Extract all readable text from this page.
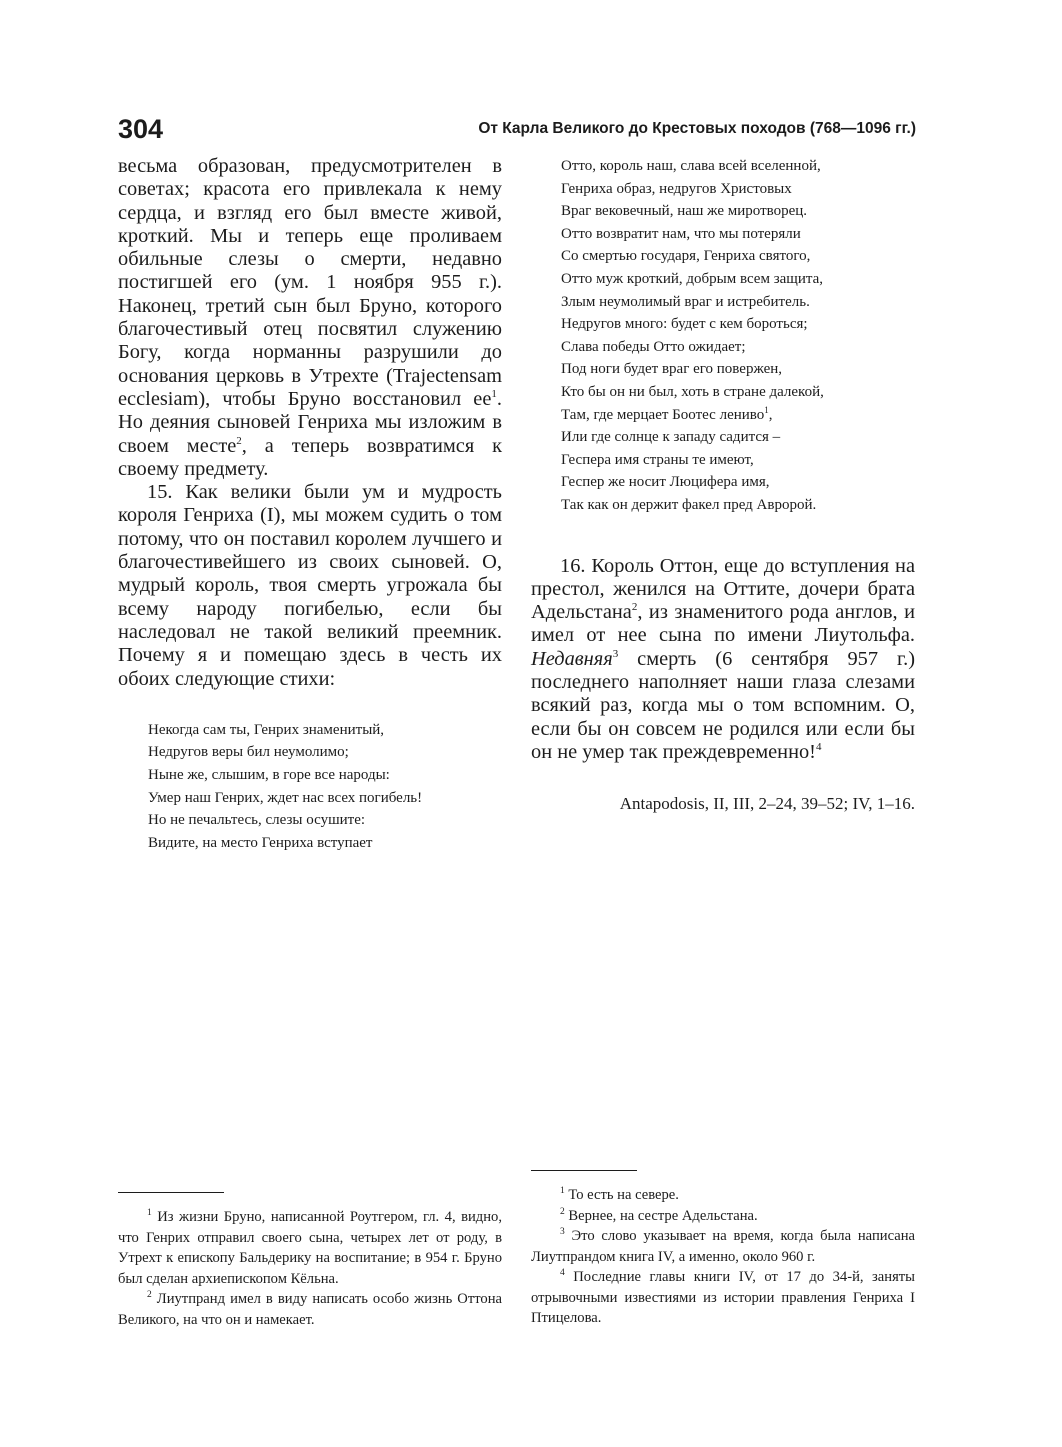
304	От Карла Великого до Крестовых походов (768—1096 гг.)

весьма образован, предусмотрителен в советах; красота его привлекала к нему сердца, и взгляд его был вместе живой, кроткий. Мы и теперь еще проливаем обильные слезы о смерти, недавно постигшей его (ум. 1 ноября 955 г.). Наконец, третий сын был Бруно, которого благочестивый отец посвятил служению Богу, когда норманны разрушили до основания церковь в Утрехте (Trajectensam ecclesiam), чтобы Бруно восстановил $ее^1$. Но деяния сыновей Генриха мы изложим в своем месте$^2$, а теперь возвратимся к своему предмету.

15. Как велики были ум и мудрость короля Генриха (I), мы можем судить о том потому, что он поставил королем лучшего и благочестивейшего из своих сыновей. О, мудрый король, твоя смерть угрожала бы всему народу погибелью, если бы наследовал не такой великий преемник. Почему я и помещаю здесь в честь их обоих следующие стихи:

Некогда сам ты, Генрих знаменитый,
Недругов веры бил неумолимо;
Ныне же, слышим, в горе все народы:
Умер наш Генрих, ждет нас всех погибель!
Но не печальтесь, слезы осушите:
Видите, на место Генриха вступает
Отто, король наш, слава всей вселенной,
Генриха образ, недругов Христовых
Враг вековечный, наш же миротворец.
Отто возвратит нам, что мы потеряли
Со смертью государя, Генриха святого,
Отто муж кроткий, добрым всем защита,
Злым неумолимый враг и истребитель.
Недругов много: будет с кем бороться;
Слава победы Отто ожидает;
Под ноги будет враг его повержен,
Кто бы он ни был, хоть в стране далекой,
Там, где мерцает Боотес лениво$^1$,
Или где солнце к западу садится –
Геспера имя страны те имеют,
Геспер же носит Люцифера имя,
Так как он держит факел пред Авророй.

16. Король Оттон, еще до вступления на престол, женился на Оттите, дочери брата Адельстана$^2$, из знаменитого рода англов, и имел от нее сына по имени Лиутольфа. Недавняя$^3$ смерть (6 сентября 957 г.) последнего наполняет наши глаза слезами всякий раз, когда мы о том вспомним. О, если бы он совсем не родился или если бы он не умер так преждевременно!$^4$

Antapodosis, II, III, 2–24, 39–52; IV, 1–16.

$^1$ Из жизни Бруно, написанной Роутгером, гл. 4, видно, что Генрих отправил своего сына, четырех лет от роду, в Утрехт к епископу Бальдерику на воспитание; в 954 г. Бруно был сделан архиепископом Кёльна.

$^2$ Лиутпранд имел в виду написать особо жизнь Оттона Великого, на что он и намекает.

$^1$ То есть на севере.

$^2$ Вернее, на сестре Адельстана.

$^3$ Это слово указывает на время, когда была написана Лиутпрандом книга IV, а именно, около 960 г.

$^4$ Последние главы книги IV, от 17 до 34-й, заняты отрывочными известиями из истории правления Генриха I Птицелова.
